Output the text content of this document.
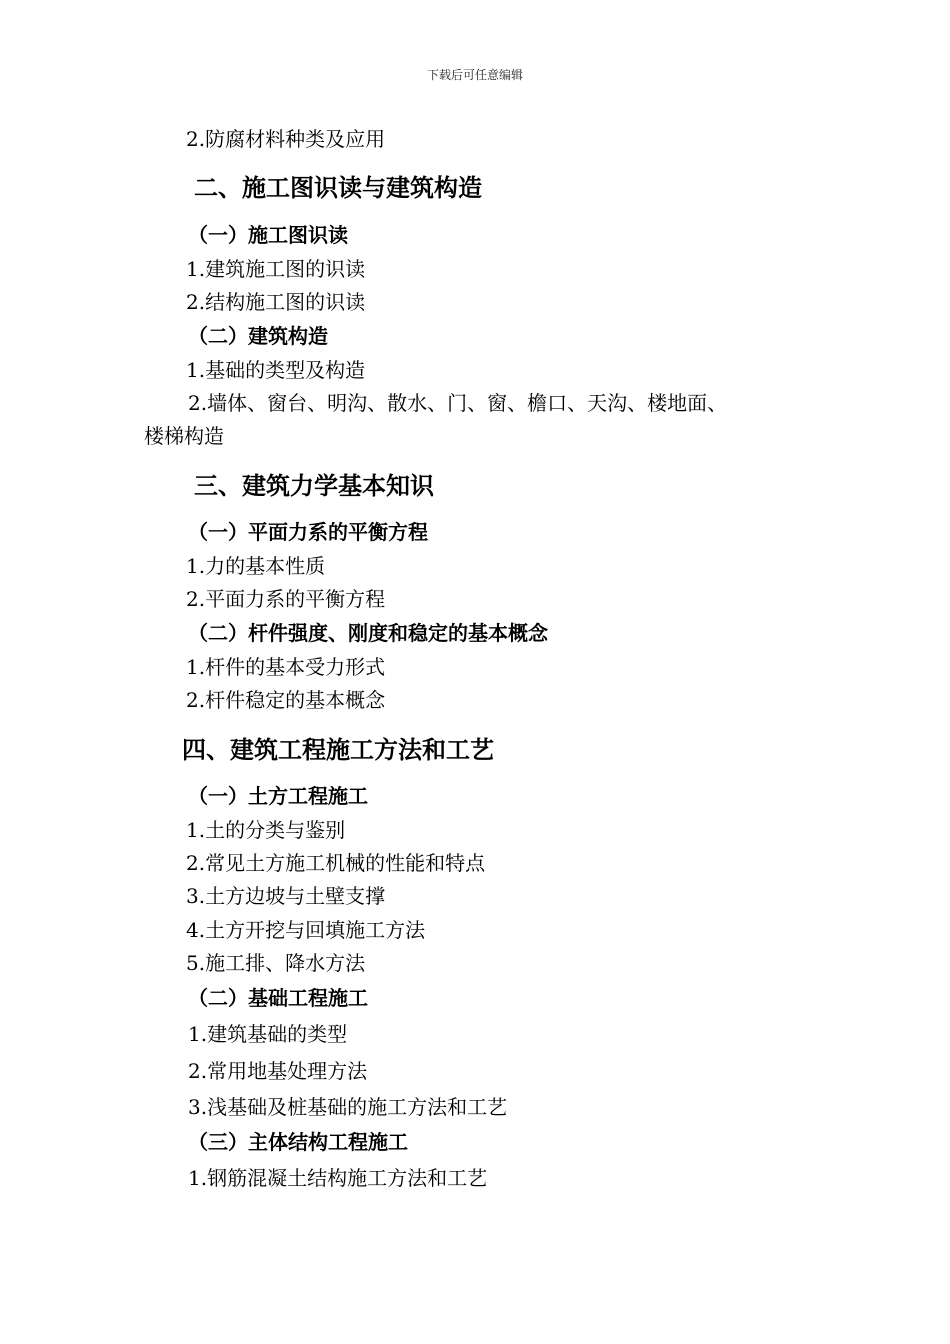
下载后可任意编辑
2.防腐材料种类及应用
二、施工图识读与建筑构造
（一）施工图识读
1.建筑施工图的识读
2.结构施工图的识读
（二）建筑构造
1.基础的类型及构造
2.墙体、窗台、明沟、散水、门、窗、檐口、天沟、楼地面、
楼梯构造
三、建筑力学基本知识
（一）平面力系的平衡方程
1.力的基本性质
2.平面力系的平衡方程
（二）杆件强度、刚度和稳定的基本概念
1.杆件的基本受力形式
2.杆件稳定的基本概念
四、建筑工程施工方法和工艺
（一）土方工程施工
1.土的分类与鉴别
2.常见土方施工机械的性能和特点
3.土方边坡与土壁支撑
4.土方开挖与回填施工方法
5.施工排、降水方法
（二）基础工程施工
1.建筑基础的类型
2.常用地基处理方法
3.浅基础及桩基础的施工方法和工艺
（三）主体结构工程施工
1.钢筋混凝土结构施工方法和工艺
